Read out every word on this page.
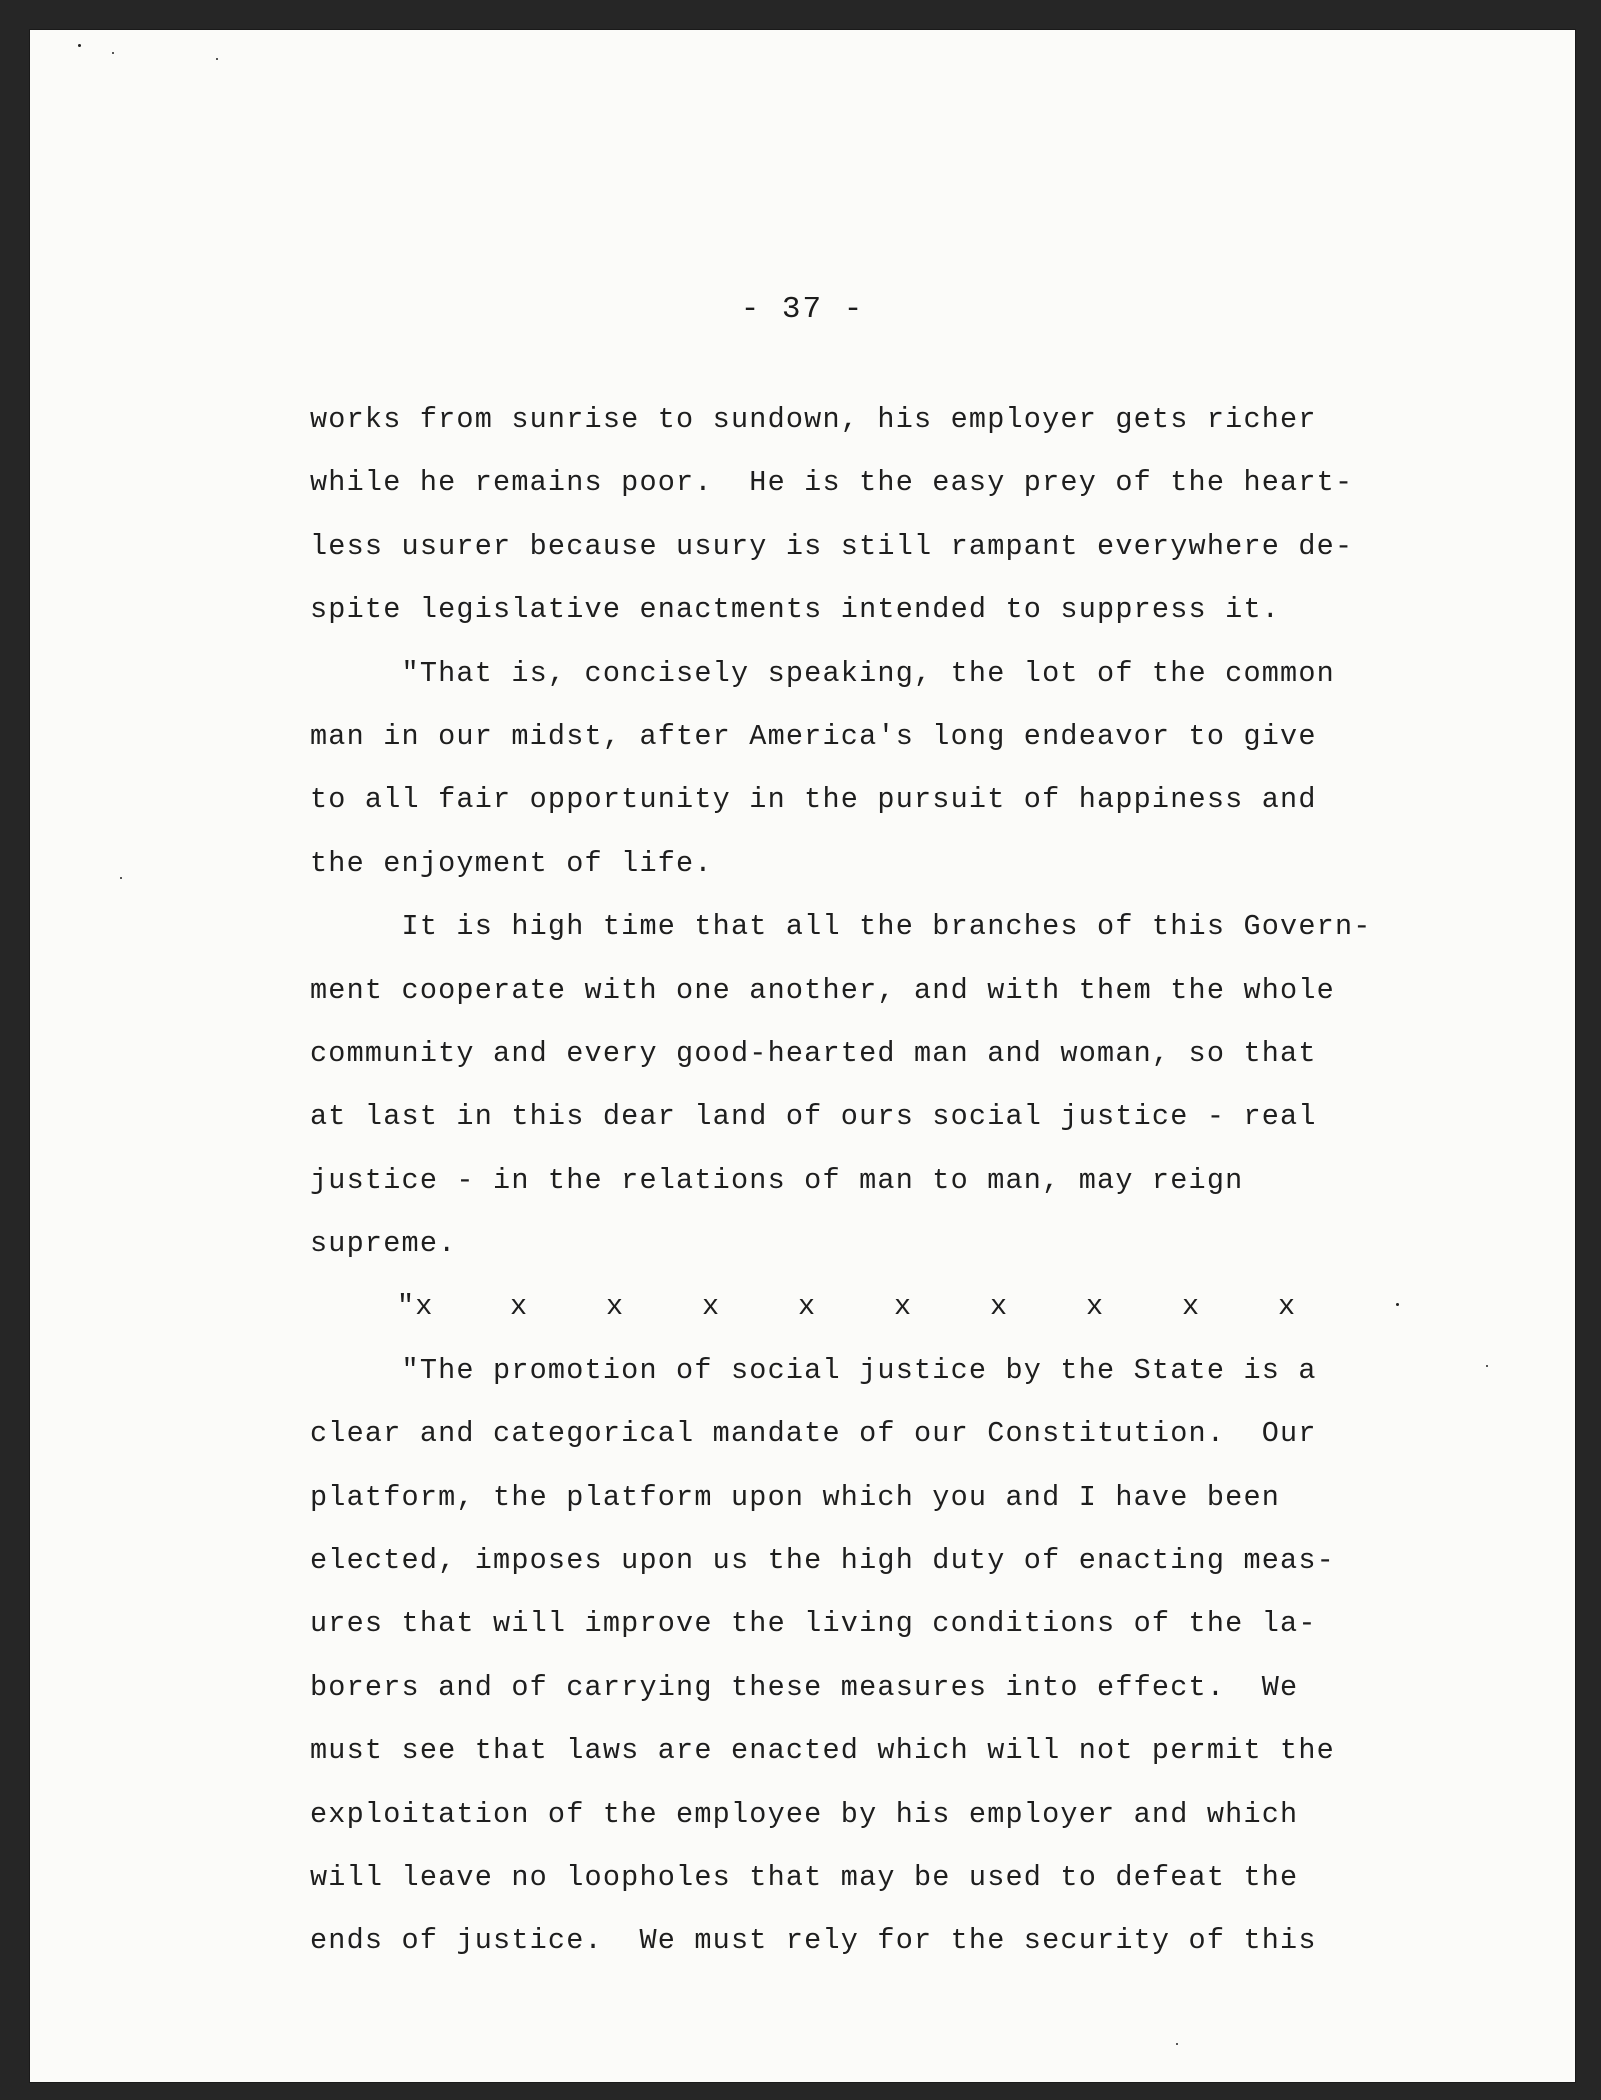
- 37 -
works from sunrise to sundown, his employer gets richer
while he remains poor.  He is the easy prey of the heart-
less usurer because usury is still rampant everywhere de-
spite legislative enactments intended to suppress it.
"That is, concisely speaking, the lot of the common
man in our midst, after America's long endeavor to give
to all fair opportunity in the pursuit of happiness and
the enjoyment of life.
It is high time that all the branches of this Govern-
ment cooperate with one another, and with them the whole
community and every good-hearted man and woman, so that
at last in this dear land of ours social justice - real
justice - in the relations of man to man, may reign
supreme.
"x	x	x	x	x	x	x	x	x	x
"The promotion of social justice by the State is a
clear and categorical mandate of our Constitution.  Our
platform, the platform upon which you and I have been
elected, imposes upon us the high duty of enacting meas-
ures that will improve the living conditions of the la-
borers and of carrying these measures into effect.  We
must see that laws are enacted which will not permit the
exploitation of the employee by his employer and which
will leave no loopholes that may be used to defeat the
ends of justice.  We must rely for the security of this
